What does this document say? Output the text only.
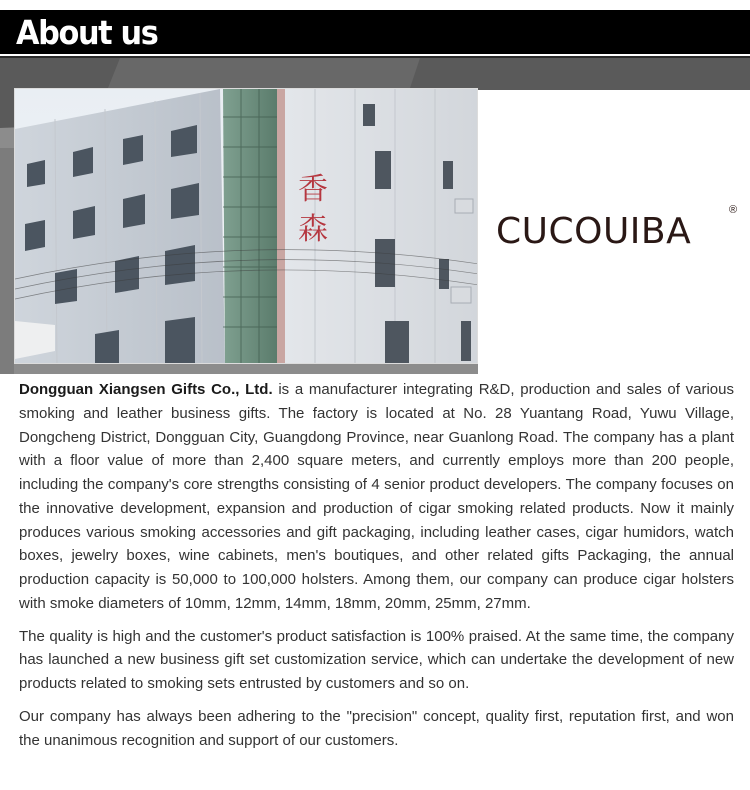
About us
香
森	CUCOUIBA
®

Dongguan Xiangsen Gifts Co., Ltd. is a manufacturer integrating R&D, production and sales of various smoking and leather business gifts. The factory is located at No. 28 Yuantang Road, Yuwu Village, Dongcheng District, Dongguan City, Guangdong Province, near Guanlong Road. The company has a plant with a floor value of more than 2,400 square meters, and currently employs more than 200 people, including the company's core strengths consisting of 4 senior product developers. The company focuses on the innovative development, expansion and production of cigar smoking related products. Now it mainly produces various smoking accessories and gift packaging, including leather cases, cigar humidors, watch boxes, jewelry boxes, wine cabinets, men's boutiques, and other related gifts Packaging, the annual production capacity is 50,000 to 100,000 holsters. Among them, our company can produce cigar holsters with smoke diameters of 10mm, 12mm, 14mm, 18mm, 20mm, 25mm, 27mm.

The quality is high and the customer's product satisfaction is 100% praised. At the same time, the company has launched a new business gift set customization service, which can undertake the development of new products related to smoking sets entrusted by customers and so on.

Our company has always been adhering to the "precision" concept, quality first, reputation first, and won the unanimous recognition and support of our customers.
